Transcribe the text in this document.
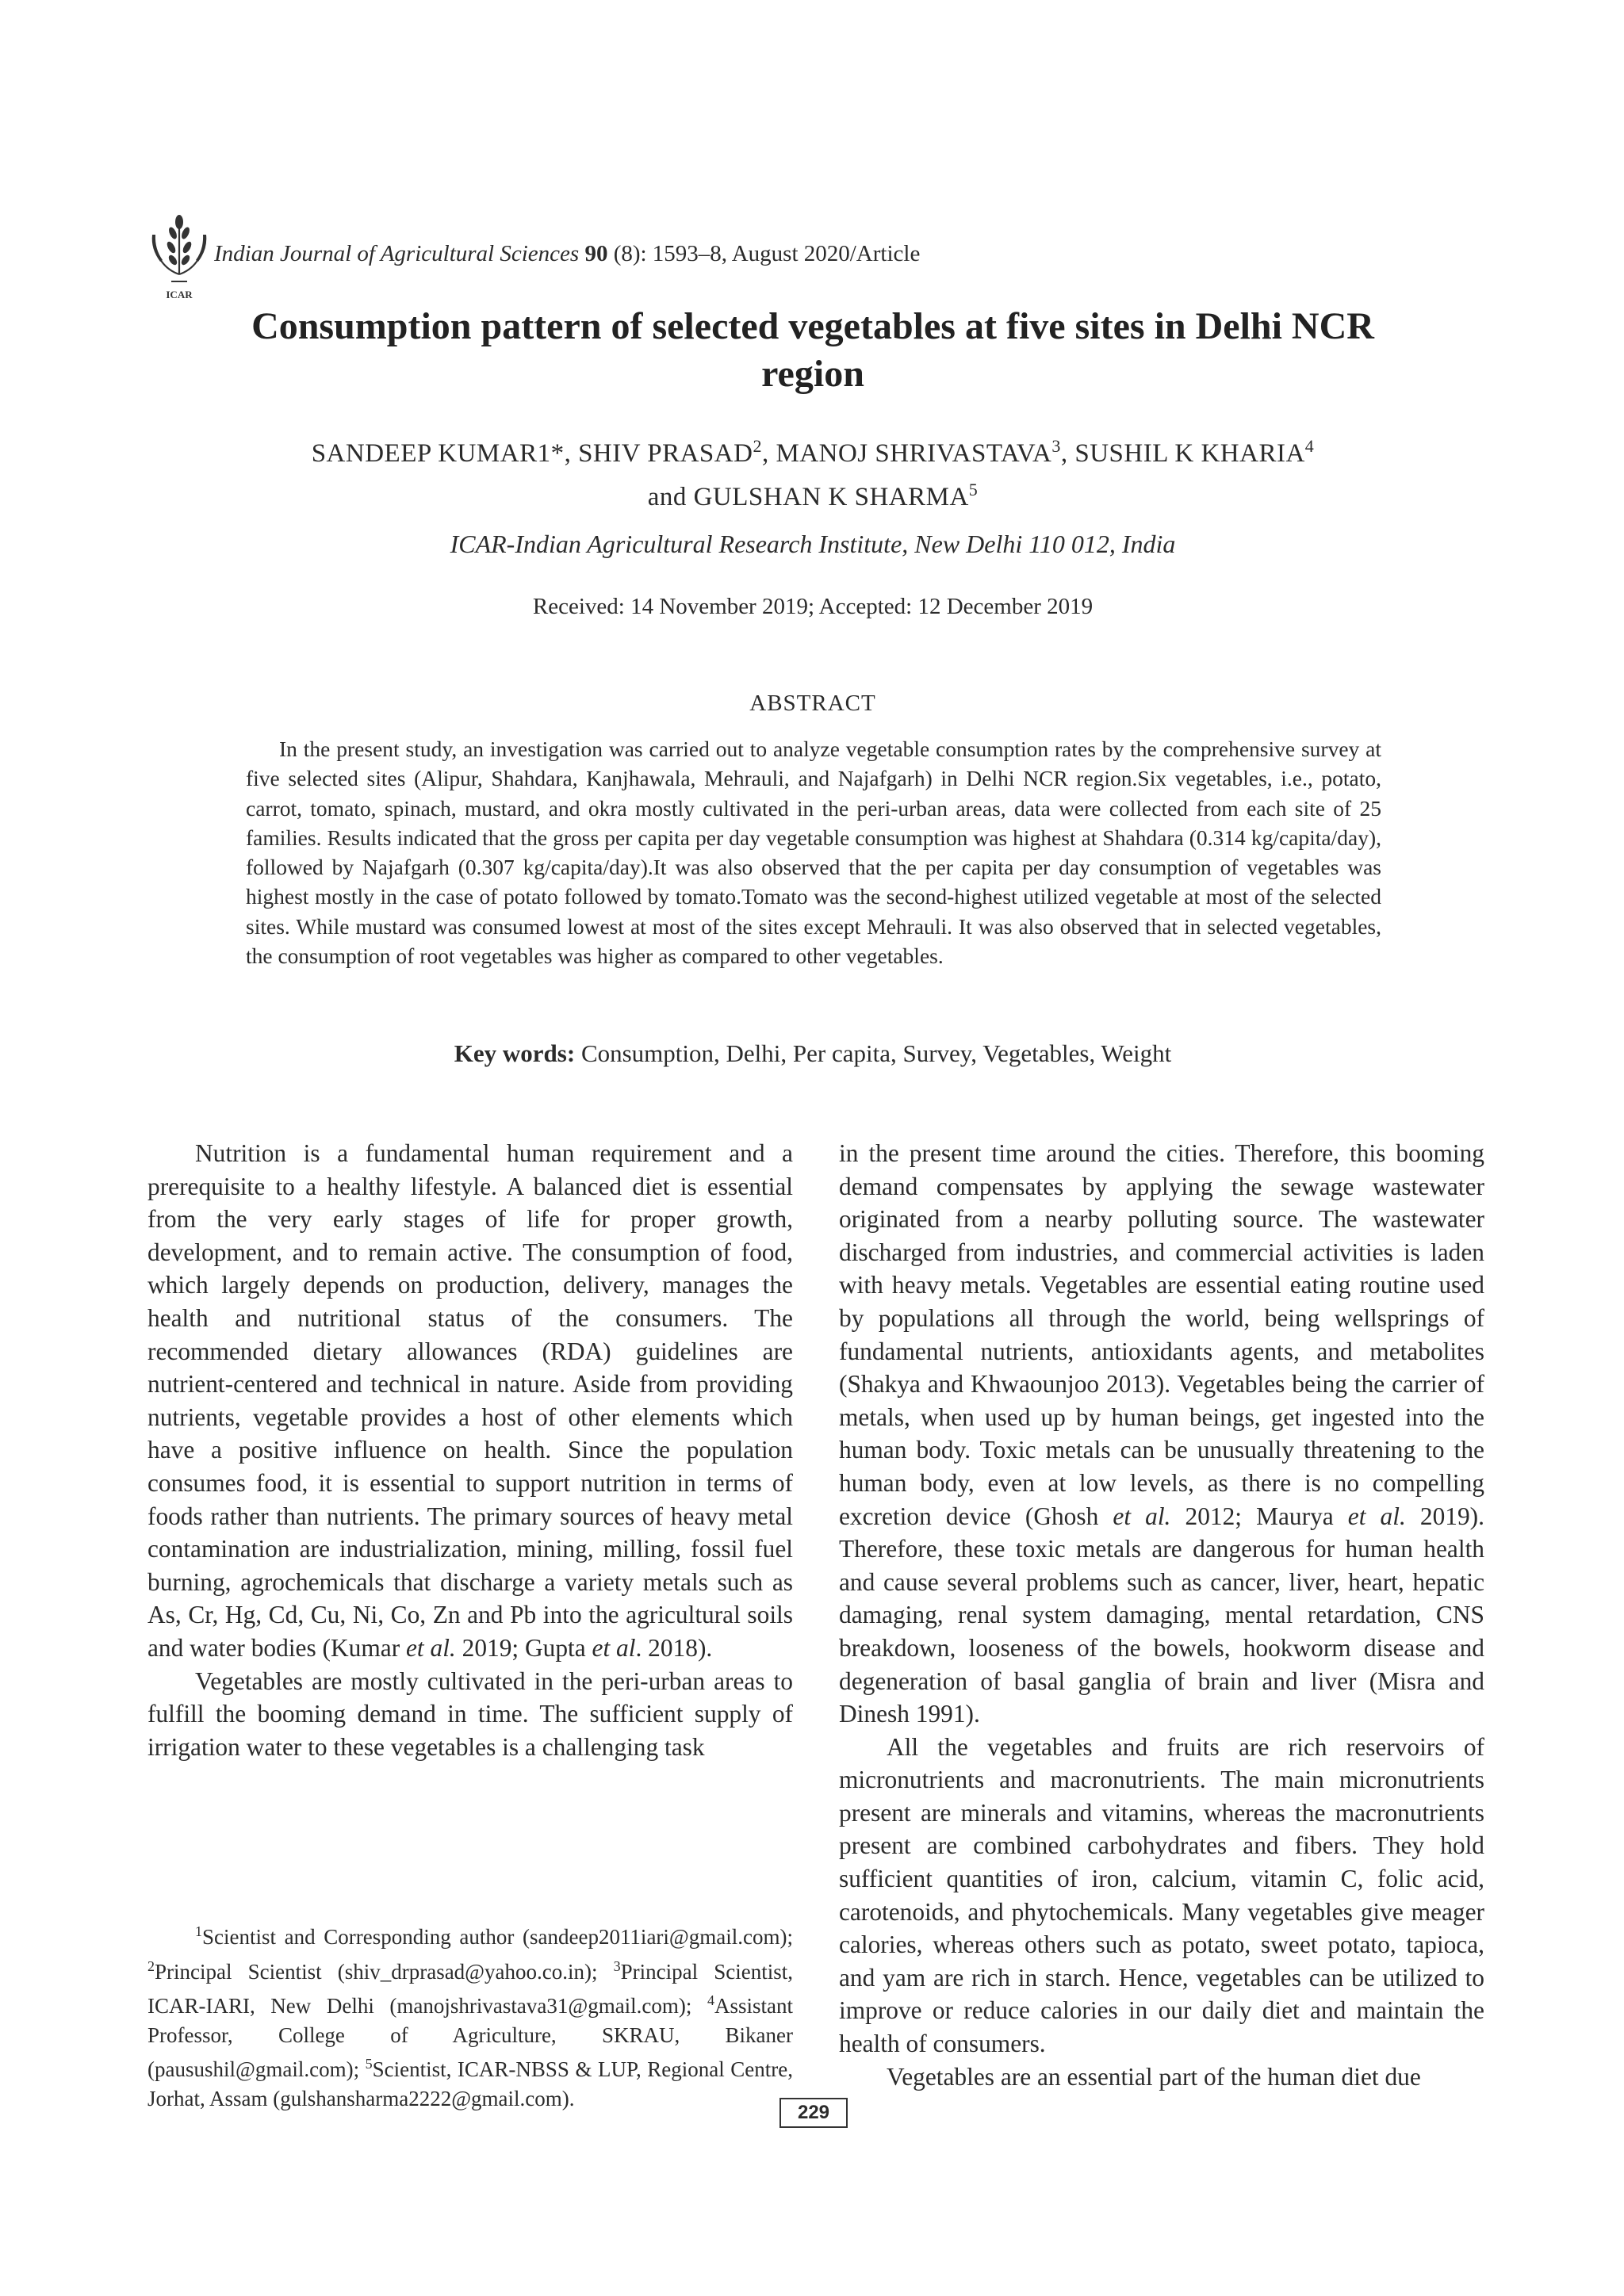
ICAR
Indian Journal of Agricultural Sciences 90 (8): 1593–8, August 2020/Article
Consumption pattern of selected vegetables at five sites in Delhi NCR region
SANDEEP KUMAR1*, SHIV PRASAD$^2$, MANOJ SHRIVASTAVA$^3$, SUSHIL K KHARIA$^4$
and GULSHAN K SHARMA$^5$
ICAR-Indian Agricultural Research Institute, New Delhi 110 012, India
Received: 14 November 2019; Accepted: 12 December 2019
ABSTRACT
In the present study, an investigation was carried out to analyze vegetable consumption rates by the comprehensive survey at five selected sites (Alipur, Shahdara, Kanjhawala, Mehrauli, and Najafgarh) in Delhi NCR region.Six vegetables, i.e., potato, carrot, tomato, spinach, mustard, and okra mostly cultivated in the peri-urban areas, data were collected from each site of 25 families. Results indicated that the gross per capita per day vegetable consumption was highest at Shahdara (0.314 kg/capita/day), followed by Najafgarh (0.307 kg/capita/day).It was also observed that the per capita per day consumption of vegetables was highest mostly in the case of potato followed by tomato.Tomato was the second-highest utilized vegetable at most of the selected sites. While mustard was consumed lowest at most of the sites except Mehrauli. It was also observed that in selected vegetables, the consumption of root vegetables was higher as compared to other vegetables.
Key words: Consumption, Delhi, Per capita, Survey, Vegetables, Weight

Nutrition is a fundamental human requirement and a prerequisite to a healthy lifestyle. A balanced diet is essential from the very early stages of life for proper growth, development, and to remain active. The consumption of food, which largely depends on production, delivery, manages the health and nutritional status of the consumers. The recommended dietary allowances (RDA) guidelines are nutrient-centered and technical in nature. Aside from providing nutrients, vegetable provides a host of other elements which have a positive influence on health. Since the population consumes food, it is essential to support nutrition in terms of foods rather than nutrients. The primary sources of heavy metal contamination are industrialization, mining, milling, fossil fuel burning, agrochemicals that discharge a variety metals such as As, Cr, Hg, Cd, Cu, Ni, Co, Zn and Pb into the agricultural soils and water bodies (Kumar et al. 2019; Gupta et al. 2018).

Vegetables are mostly cultivated in the peri-urban areas to fulfill the booming demand in time. The sufficient supply of irrigation water to these vegetables is a challenging task

in the present time around the cities. Therefore, this booming demand compensates by applying the sewage wastewater originated from a nearby polluting source. The wastewater discharged from industries, and commercial activities is laden with heavy metals. Vegetables are essential eating routine used by populations all through the world, being wellsprings of fundamental nutrients, antioxidants agents, and metabolites (Shakya and Khwaounjoo 2013). Vegetables being the carrier of metals, when used up by human beings, get ingested into the human body. Toxic metals can be unusually threatening to the human body, even at low levels, as there is no compelling excretion device (Ghosh et al. 2012; Maurya et al. 2019). Therefore, these toxic metals are dangerous for human health and cause several problems such as cancer, liver, heart, hepatic damaging, renal system damaging, mental retardation, CNS breakdown, looseness of the bowels, hookworm disease and degeneration of basal ganglia of brain and liver (Misra and Dinesh 1991).

All the vegetables and fruits are rich reservoirs of micronutrients and macronutrients. The main micronutrients present are minerals and vitamins, whereas the macronutrients present are combined carbohydrates and fibers. They hold sufficient quantities of iron, calcium, vitamin C, folic acid, carotenoids, and phytochemicals. Many vegetables give meager calories, whereas others such as potato, sweet potato, tapioca, and yam are rich in starch. Hence, vegetables can be utilized to improve or reduce calories in our daily diet and maintain the health of consumers.

Vegetables are an essential part of the human diet due

$^1$Scientist and Corresponding author (sandeep2011iari@gmail.com); $^2$Principal Scientist (shiv_drprasad@yahoo.co.in); $^3$Principal Scientist, ICAR-IARI, New Delhi (manojshrivastava31@gmail.com); $^4$Assistant Professor, College of Agriculture, SKRAU, Bikaner (pausushil@gmail.com); $^5$Scientist, ICAR-NBSS & LUP, Regional Centre, Jorhat, Assam (gulshansharma2222@gmail.com).
229
